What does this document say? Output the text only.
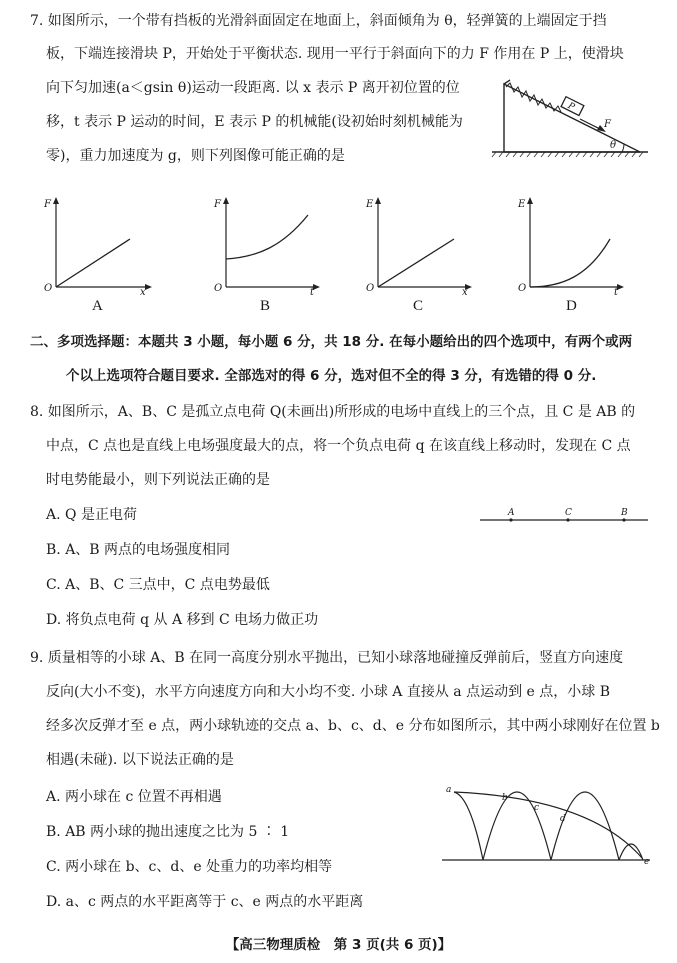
7. 如图所示，一个带有挡板的光滑斜面固定在地面上，斜面倾角为 θ，轻弹簧的上端固定于挡
板，下端连接滑块 P，开始处于平衡状态. 现用一平行于斜面向下的力 F 作用在 P 上，使滑块
向下匀加速(a＜gsin θ)运动一段距离. 以 x 表示 P 离开初位置的位
移，t 表示 P 运动的时间，E 表示 P 的机械能(设初始时刻机械能为
零)，重力加速度为 g，则下列图像可能正确的是
P
F
θ
F
O	x
A
F
O	t
B
E
O	x
C
E
O	t
D
二、多项选择题：本题共 3 小题，每小题 6 分，共 18 分. 在每小题给出的四个选项中，有两个或两
个以上选项符合题目要求. 全部选对的得 6 分，选对但不全的得 3 分，有选错的得 0 分.
8. 如图所示，A、B、C 是孤立点电荷 Q(未画出)所形成的电场中直线上的三个点，且 C 是 AB 的
中点，C 点也是直线上电场强度最大的点，将一个负点电荷 q 在该直线上移动时，发现在 C 点
时电势能最小，则下列说法正确的是
A. Q 是正电荷
B. A、B 两点的电场强度相同
C. A、B、C 三点中，C 点电势最低
D. 将负点电荷 q 从 A 移到 C 电场力做正功
A	C	B
9. 质量相等的小球 A、B 在同一高度分别水平抛出，已知小球落地碰撞反弹前后，竖直方向速度
反向(大小不变)，水平方向速度方向和大小均不变. 小球 A 直接从 a 点运动到 e 点，小球 B
经多次反弹才至 e 点，两小球轨迹的交点 a、b、c、d、e 分布如图所示，其中两小球刚好在位置 b
相遇(未碰). 以下说法正确的是
A. 两小球在 c 位置不再相遇
B. AB 两小球的抛出速度之比为 5 ∶ 1
C. 两小球在 b、c、d、e 处重力的功率均相等
D. a、c 两点的水平距离等于 c、e 两点的水平距离
a
b
c
d
e
【高三物理质检　第 3 页(共 6 页)】
